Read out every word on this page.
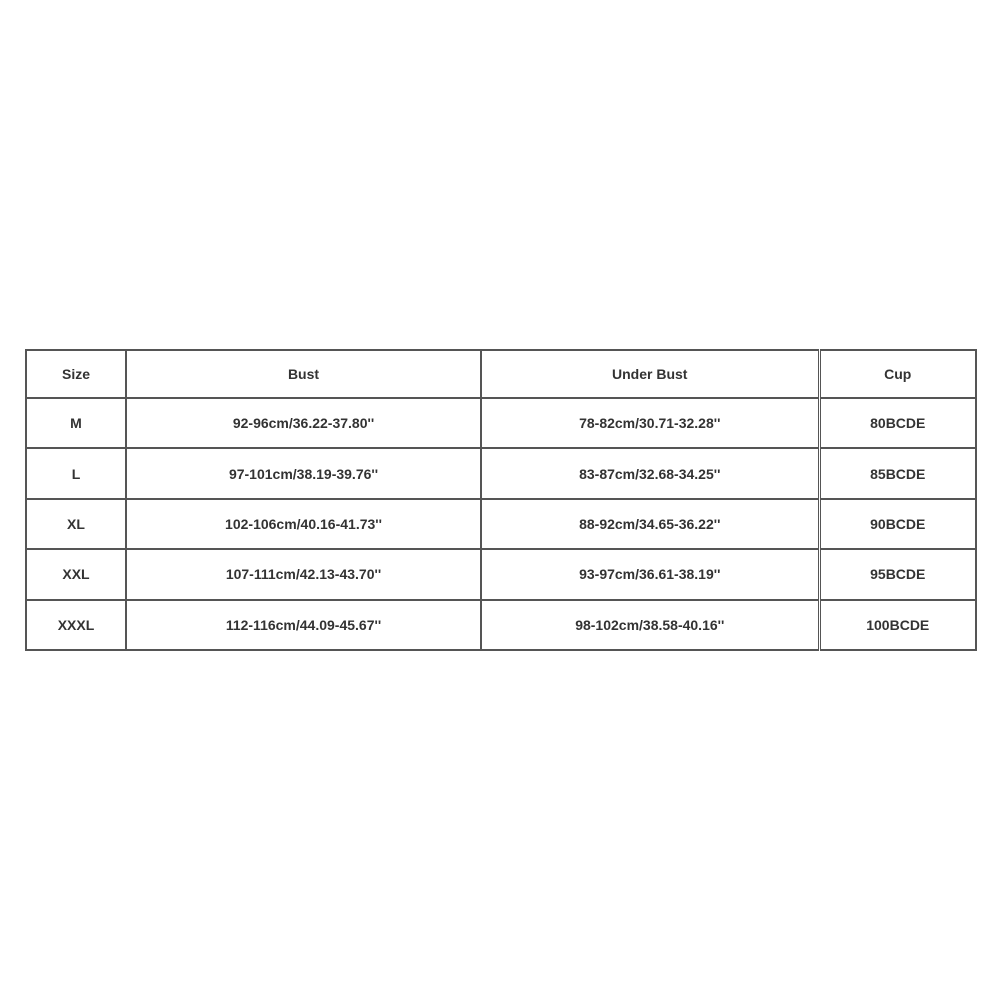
Size	Bust	Under Bust	Cup
M	92-96cm/36.22-37.80''	78-82cm/30.71-32.28''	80BCDE
L	97-101cm/38.19-39.76''	83-87cm/32.68-34.25''	85BCDE
XL	102-106cm/40.16-41.73''	88-92cm/34.65-36.22''	90BCDE
XXL	107-111cm/42.13-43.70''	93-97cm/36.61-38.19''	95BCDE
XXXL	112-116cm/44.09-45.67''	98-102cm/38.58-40.16''	100BCDE
